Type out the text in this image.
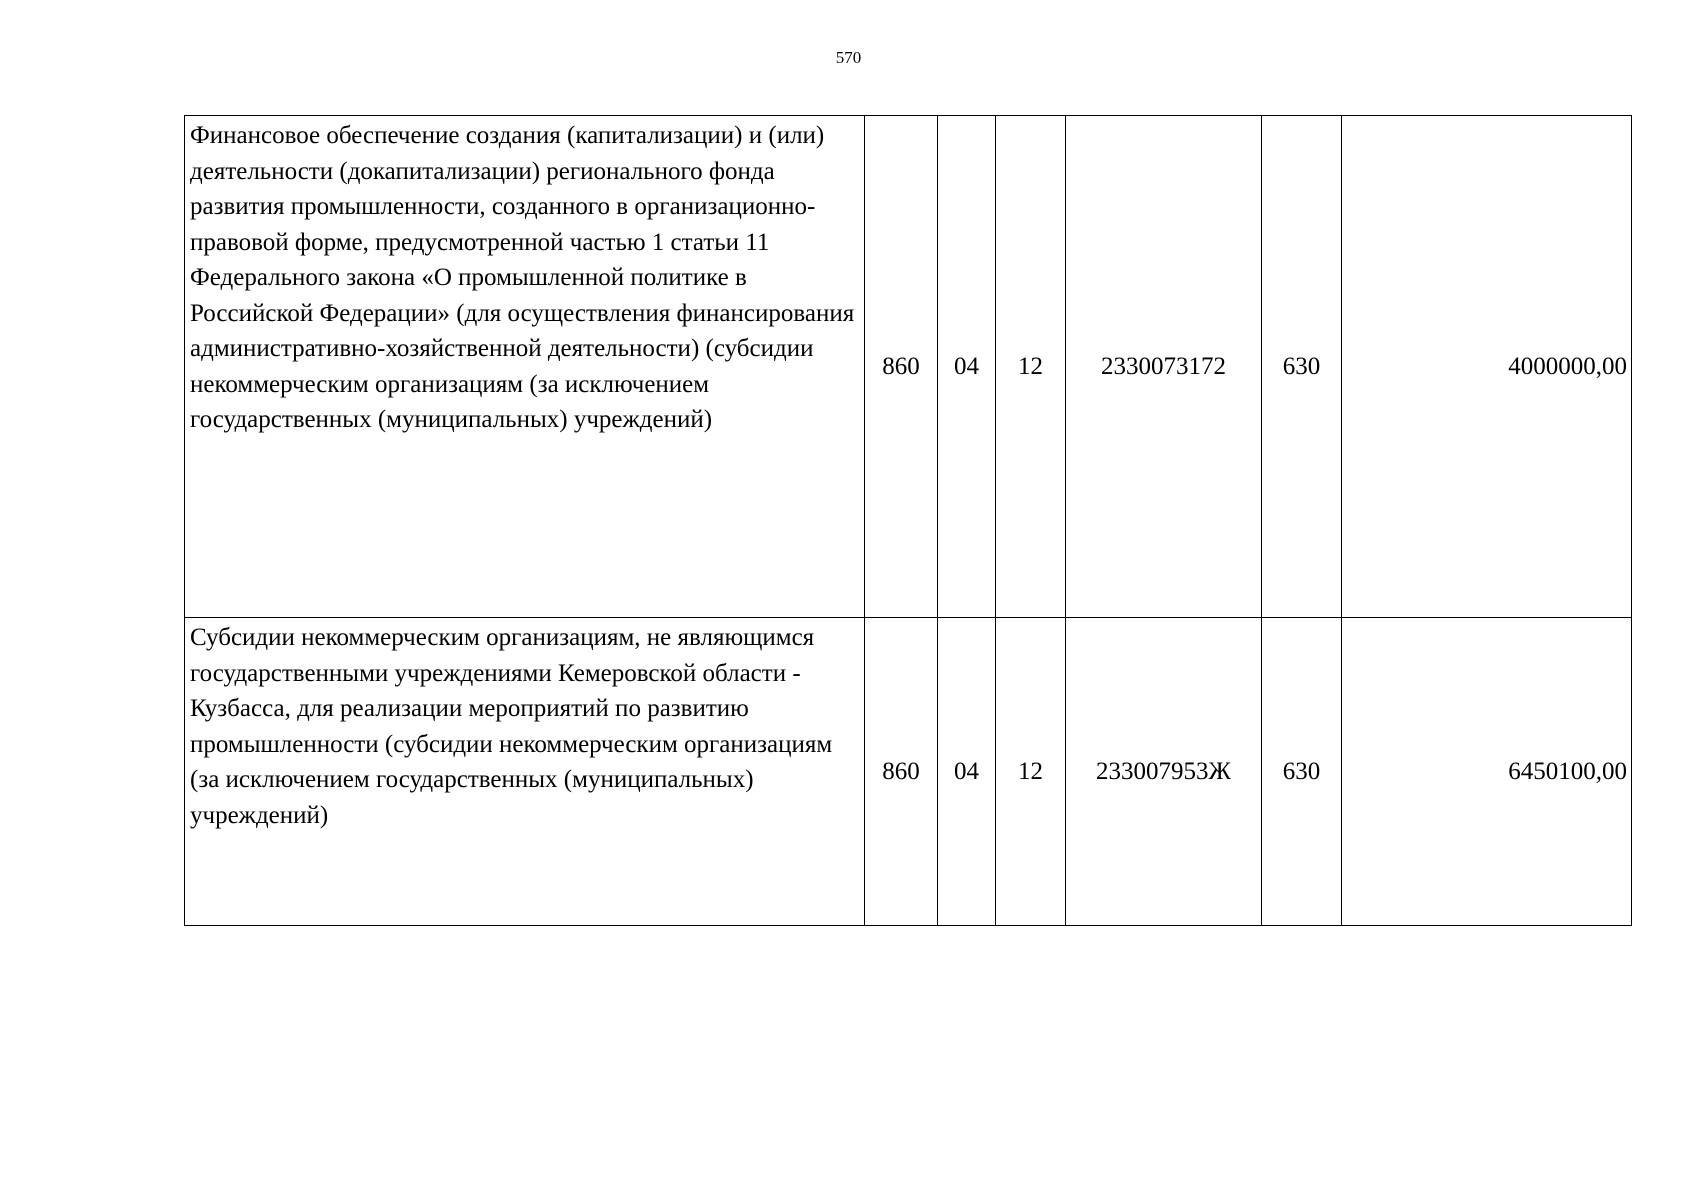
570
Финансовое обеспечение создания (капитализации) и (или) деятельности (докапитализации) регионального фонда развития промышленности, созданного в организационно-правовой форме, предусмотренной частью 1 статьи 11 Федерального закона «О промышленной политике в Российской Федерации» (для осуществления финансирования административно-хозяйственной деятельности) (субсидии некоммерческим организациям (за исключением государственных (муниципальных) учреждений)	860	04	12	2330073172	630	4000000,00
Субсидии некоммерческим организациям, не являющимся государственными учреждениями Кемеровской области - Кузбасса, для реализации мероприятий по развитию промышленности (субсидии некоммерческим организациям (за исключением государственных (муниципальных) учреждений)	860	04	12	233007953Ж	630	6450100,00
